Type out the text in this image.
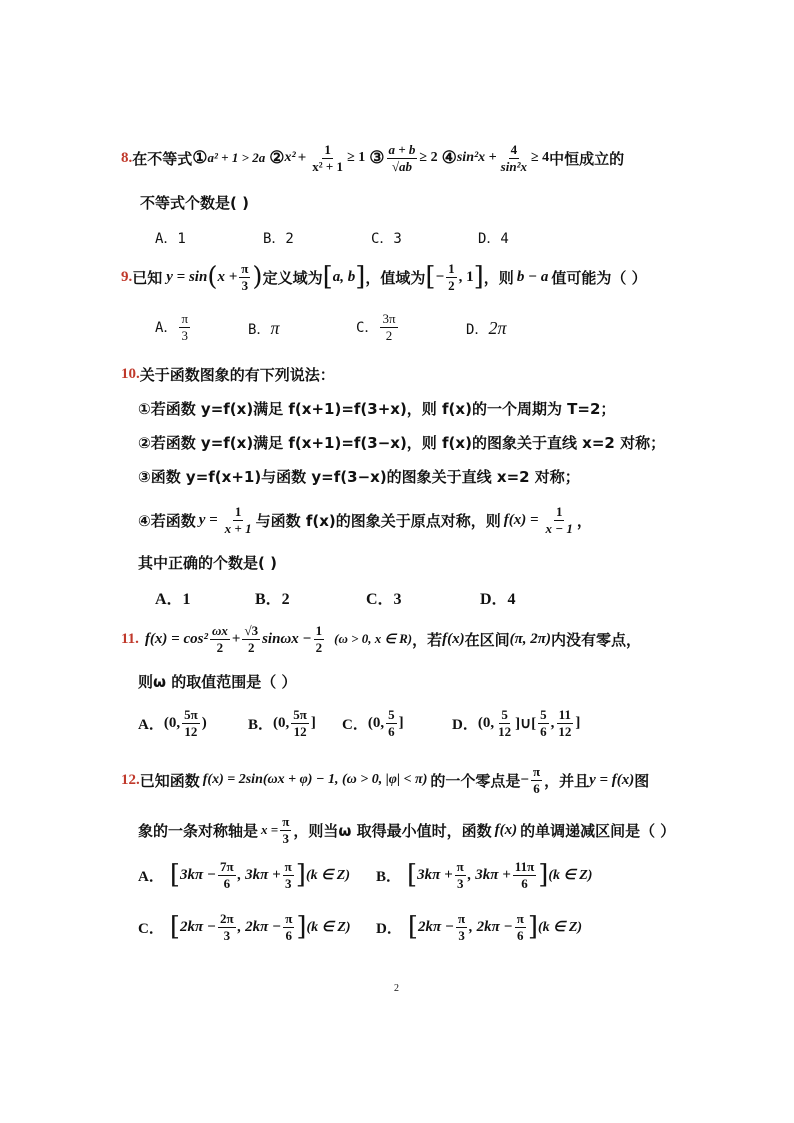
8. 在不等式 ① a² + 1 > 2a ② $x^2 + \frac{1}{\text{x² + 1}} \ge 1$ ③ $\frac{a + b}{√ab} \ge 2$ ④ $\sin^2x + \frac{4}{\text{sin²x}} \ge 4$ 中恒成立的
不等式个数是( )
A．1	B．2	C．3	D．4
9. 已知 y = sin ( $x + \frac{\pi}{3}$ ) 定义域为 [ a, b ] ，值域为 [ − $\frac{1}{2}$ , 1 ] ，则 b − a 值可能为（ ）
A． $\frac{\pi}{3}$	B． π	C． $\frac{3\pi}{2}$	D． 2π
10. 关于函数图象的有下列说法：
①若函数 y=f(x)满足 f(x+1)=f(3+x)，则 f(x)的一个周期为 T=2；
②若函数 y=f(x)满足 f(x+1)=f(3−x)，则 f(x)的图象关于直线 x=2 对称；
③函数 y=f(x+1)与函数 y=f(3−x)的图象关于直线 x=2 对称；
④若函数 $y = \frac{1}{x + 1}$ 与函数 f(x)的图象关于原点对称，则 $f(x) = \frac{1}{x - 1}$ ，
其中正确的个数是( )
A．1	B．2	C．3	D．4
11. $f(x) = \cos^2 \frac{\omega x}{2} + \frac{√3}{2}$ $\sin\omega x - \frac{1}{2} (\omega > 0$, x ∈ R) ，若 f(x) 在区间 (π, 2π) 内没有零点，
则ω 的取值范围是（ ）
A． (0, $\frac{5\pi}{12}$ )	B． (0, $\frac{5\pi}{12}$ ] C． (0, $\frac{5}{6}$ ]	D． (0, $\frac{5}{12}$ ]∪[ $\frac{5}{6}$ , $\frac{11}{12}$ ]
12. 已知函数 f(x) = 2sin(ωx + φ) − 1, (ω > 0, |φ| < π) 的一个零点是 − $\frac{\pi}{6}$ ，并且 y = f(x) 图
象的一条对称轴是 $x = \frac{\pi}{3}$ ，则当ω 取得最小值时，函数 f(x) 的单调递减区间是（ ）
A． [ $3k\pi - \frac{7\pi}{6}$ , $3k\pi + \frac{\pi}{3}$ ] (k ∈ Z) B． [ $3k\pi + \frac{\pi}{3}$ , $3k\pi + \frac{11\pi}{6}$ ] (k ∈ Z)
C． [ $2k\pi - \frac{2\pi}{3}$ , $2k\pi - \frac{\pi}{6}$ ] (k ∈ Z) D． [ $2k\pi - \frac{\pi}{3}$ , $2k\pi - \frac{\pi}{6}$ ] (k ∈ Z)
2
